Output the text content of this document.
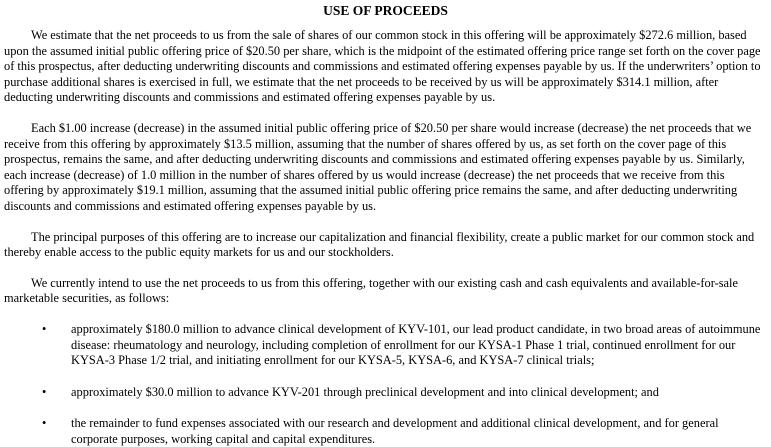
USE OF PROCEEDS

We estimate that the net proceeds to us from the sale of shares of our common stock in this offering will be approximately $272.6 million, based upon the assumed initial public offering price of $20.50 per share, which is the midpoint of the estimated offering price range set forth on the cover page of this prospectus, after deducting underwriting discounts and commissions and estimated offering expenses payable by us. If the underwriters’ option to purchase additional shares is exercised in full, we estimate that the net proceeds to be received by us will be approximately $314.1 million, after deducting underwriting discounts and commissions and estimated offering expenses payable by us.

Each $1.00 increase (decrease) in the assumed initial public offering price of $20.50 per share would increase (decrease) the net proceeds that we receive from this offering by approximately $13.5 million, assuming that the number of shares offered by us, as set forth on the cover page of this prospectus, remains the same, and after deducting underwriting discounts and commissions and estimated offering expenses payable by us. Similarly, each increase (decrease) of 1.0 million in the number of shares offered by us would increase (decrease) the net proceeds that we receive from this offering by approximately $19.1 million, assuming that the assumed initial public offering price remains the same, and after deducting underwriting discounts and commissions and estimated offering expenses payable by us.

The principal purposes of this offering are to increase our capitalization and financial flexibility, create a public market for our common stock and thereby enable access to the public equity markets for us and our stockholders.

We currently intend to use the net proceeds to us from this offering, together with our existing cash and cash equivalents and available-for-sale marketable securities, as follows:

• approximately $180.0 million to advance clinical development of KYV-101, our lead product candidate, in two broad areas of autoimmune disease: rheumatology and neurology, including completion of enrollment for our KYSA-1 Phase 1 trial, continued enrollment for our KYSA-3 Phase 1/2 trial, and initiating enrollment for our KYSA-5, KYSA-6, and KYSA-7 clinical trials;
• approximately $30.0 million to advance KYV-201 through preclinical development and into clinical development; and
• the remainder to fund expenses associated with our research and development and additional clinical development, and for general corporate purposes, working capital and capital expenditures.
